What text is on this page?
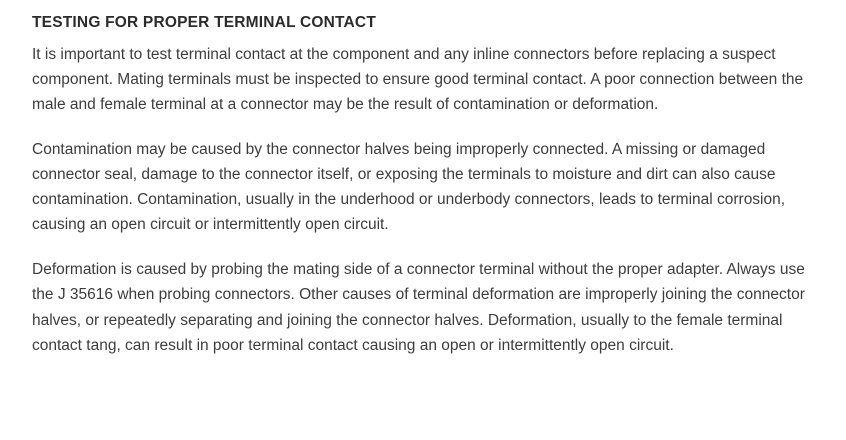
TESTING FOR PROPER TERMINAL CONTACT

It is important to test terminal contact at the component and any inline connectors before replacing a suspect component. Mating terminals must be inspected to ensure good terminal contact. A poor connection between the male and female terminal at a connector may be the result of contamination or deformation.

Contamination may be caused by the connector halves being improperly connected. A missing or damaged connector seal, damage to the connector itself, or exposing the terminals to moisture and dirt can also cause contamination. Contamination, usually in the underhood or underbody connectors, leads to terminal corrosion, causing an open circuit or intermittently open circuit.

Deformation is caused by probing the mating side of a connector terminal without the proper adapter. Always use the J 35616 when probing connectors. Other causes of terminal deformation are improperly joining the connector halves, or repeatedly separating and joining the connector halves. Deformation, usually to the female terminal contact tang, can result in poor terminal contact causing an open or intermittently open circuit.
